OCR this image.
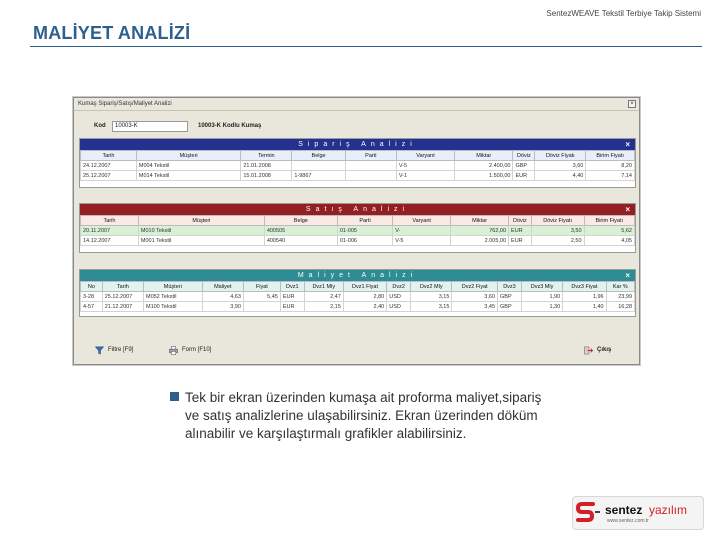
MALİYET ANALİZİ
SentezWEAVE Tekstil Terbiye Takip Sistemi
Kumaş Sipariş/Satış/Maliyet Analizi	×
Kod	10003-K	10003-K Kodlu Kumaş
Sipariş Analizi	×
Tarih	Müşteri	Termin	Belge	Parti	Varyant	Miktar	Döviz	Döviz Fiyatı	Birim Fiyatı
24.12.2007	M004 Tekstil	21.01.2008			V-5	2.400,00	GBP	3,60	8,20
25.12.2007	M014 Tekstil	15.01.2008	1-9867		V-1	1.500,00	EUR	4,40	7,14

Satış Analizi	×
Tarih	Müşteri	Belge	Parti	Varyant	Miktar	Döviz	Döviz Fiyatı	Birim Fiyatı
20.11.2007	M010 Tekstil	400505	01-005	V-	762,00	EUR	3,50	5,62
14.12.2007	M001 Tekstil	400540	01-006	V-5	2.005,00	EUR	2,50	4,05

Maliyet Analizi	×
No	Tarih	Müşteri	Maliyet	Fiyat	Dvz1	Dvz1 Mly	Dvz1 Fiyat	Dvz2	Dvz2 Mly	Dvz2 Fiyat	Dvz3	Dvz3 Mly	Dvz3 Fiyat	Kar %
3-28	25.12.2007	M052 Tekstil	4,63	5,45	EUR	2,47	2,80	USD	3,15	3,60	GBP	1,90	1,96	23,99
4-57	21.12.2007	M100 Tekstil	3,90		EUR	2,15	2,40	USD	3,15	3,45	GBP	1,30	1,40	16,28

Filtre [F9]	Form [F10]	Çıkış
Tek bir ekran üzerinden kumaşa ait proforma maliyet,sipariş ve satış analizlerine ulaşabilirsiniz. Ekran üzerinden döküm alınabilir ve karşılaştırmalı grafikler alabilirsiniz.
sentez yazılım
www.sentez.com.tr
